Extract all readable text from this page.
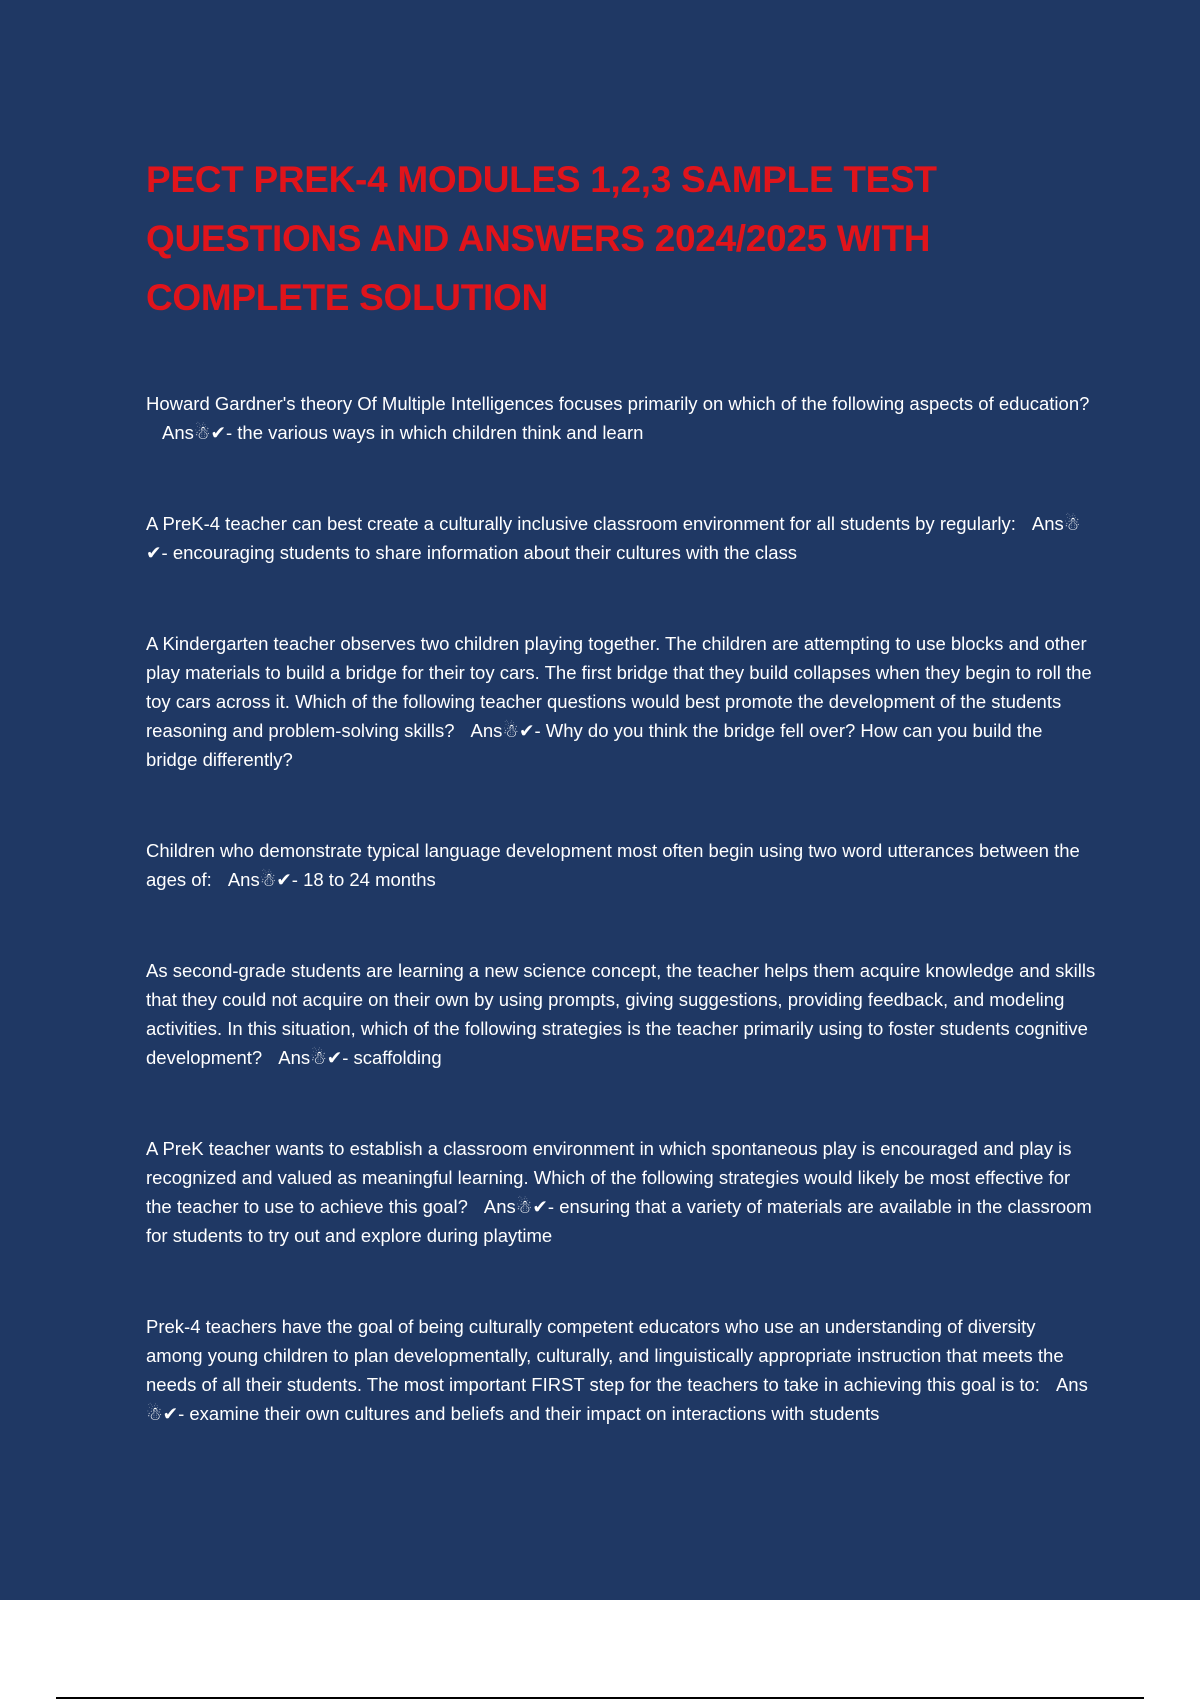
PECT PREK-4 MODULES 1,2,3 SAMPLE TEST QUESTIONS AND ANSWERS 2024/2025 WITH COMPLETE SOLUTION

Howard Gardner's theory Of Multiple Intelligences focuses primarily on which of the following aspects of education?Ans☃✔- the various ways in which children think and learn

A PreK-4 teacher can best create a culturally inclusive classroom environment for all students by regularly: Ans☃✔- encouraging students to share information about their cultures with the class

A Kindergarten teacher observes two children playing together. The children are attempting to use blocks and other play materials to build a bridge for their toy cars. The first bridge that they build collapses when they begin to roll the toy cars across it. Which of the following teacher questions would best promote the development of the students reasoning and problem-solving skills? Ans☃✔- Why do you think the bridge fell over? How can you build the bridge differently?

Children who demonstrate typical language development most often begin using two word utterances between the ages of: Ans☃✔- 18 to 24 months

As second-grade students are learning a new science concept, the teacher helps them acquire knowledge and skills that they could not acquire on their own by using prompts, giving suggestions, providing feedback, and modeling activities. In this situation, which of the following strategies is the teacher primarily using to foster students cognitive development? Ans☃✔- scaffolding

A PreK teacher wants to establish a classroom environment in which spontaneous play is encouraged and play is recognized and valued as meaningful learning. Which of the following strategies would likely be most effective for the teacher to use to achieve this goal? Ans☃✔- ensuring that a variety of materials are available in the classroom for students to try out and explore during playtime

Prek-4 teachers have the goal of being culturally competent educators who use an understanding of diversity among young children to plan developmentally, culturally, and linguistically appropriate instruction that meets the needs of all their students. The most important FIRST step for the teachers to take in achieving this goal is to: Ans☃✔- examine their own cultures and beliefs and their impact on interactions with students
